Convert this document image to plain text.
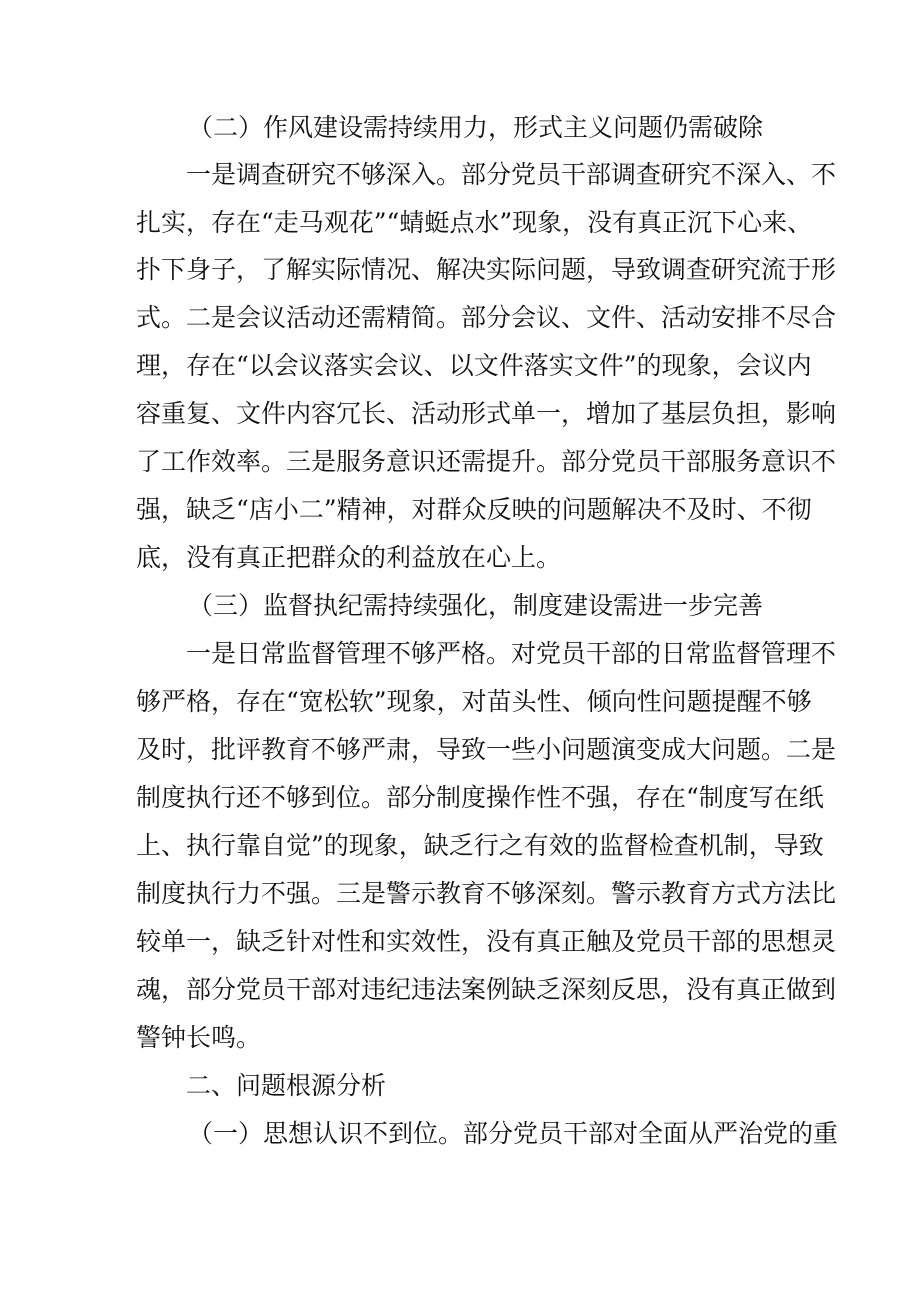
（二）作风建设需持续用力，形式主义问题仍需破除
一是调查研究不够深入。部分党员干部调查研究不深入、不
扎实，存在“走马观花”“蜻蜓点水”现象，没有真正沉下心来、
扑下身子，了解实际情况、解决实际问题，导致调查研究流于形
式。二是会议活动还需精简。部分会议、文件、活动安排不尽合
理，存在“以会议落实会议、以文件落实文件”的现象，会议内
容重复、文件内容冗长、活动形式单一，增加了基层负担，影响
了工作效率。三是服务意识还需提升。部分党员干部服务意识不
强，缺乏“店小二”精神，对群众反映的问题解决不及时、不彻
底，没有真正把群众的利益放在心上。
（三）监督执纪需持续强化，制度建设需进一步完善
一是日常监督管理不够严格。对党员干部的日常监督管理不
够严格，存在“宽松软”现象，对苗头性、倾向性问题提醒不够
及时，批评教育不够严肃，导致一些小问题演变成大问题。二是
制度执行还不够到位。部分制度操作性不强，存在“制度写在纸
上、执行靠自觉”的现象，缺乏行之有效的监督检查机制，导致
制度执行力不强。三是警示教育不够深刻。警示教育方式方法比
较单一，缺乏针对性和实效性，没有真正触及党员干部的思想灵
魂，部分党员干部对违纪违法案例缺乏深刻反思，没有真正做到
警钟长鸣。
二、问题根源分析
（一）思想认识不到位。部分党员干部对全面从严治党的重
